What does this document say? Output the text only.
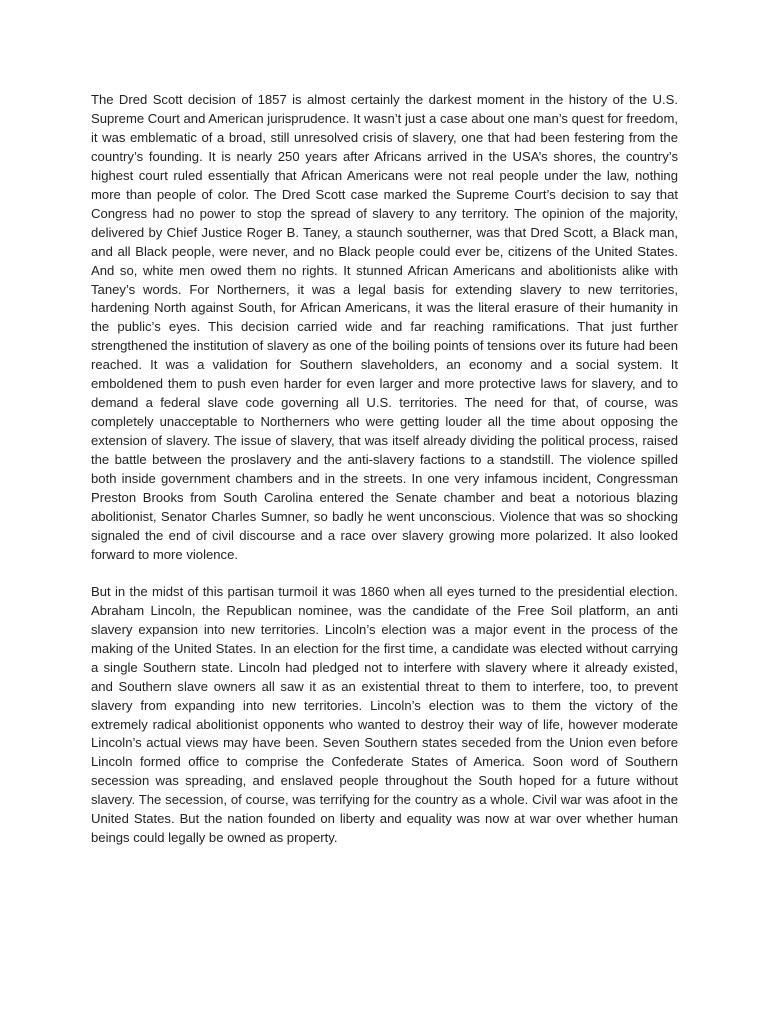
The Dred Scott decision of 1857 is almost certainly the darkest moment in the history of the U.S. Supreme Court and American jurisprudence. It wasn’t just a case about one man’s quest for freedom, it was emblematic of a broad, still unresolved crisis of slavery, one that had been festering from the country’s founding. It is nearly 250 years after Africans arrived in the USA’s shores, the country’s highest court ruled essentially that African Americans were not real people under the law, nothing more than people of color. The Dred Scott case marked the Supreme Court’s decision to say that Congress had no power to stop the spread of slavery to any territory. The opinion of the majority, delivered by Chief Justice Roger B. Taney, a staunch southerner, was that Dred Scott, a Black man, and all Black people, were never, and no Black people could ever be, citizens of the United States. And so, white men owed them no rights. It stunned African Americans and abolitionists alike with Taney’s words. For Northerners, it was a legal basis for extending slavery to new territories, hardening North against South, for African Americans, it was the literal erasure of their humanity in the public’s eyes. This decision carried wide and far reaching ramifications. That just further strengthened the institution of slavery as one of the boiling points of tensions over its future had been reached. It was a validation for Southern slaveholders, an economy and a social system. It emboldened them to push even harder for even larger and more protective laws for slavery, and to demand a federal slave code governing all U.S. territories. The need for that, of course, was completely unacceptable to Northerners who were getting louder all the time about opposing the extension of slavery. The issue of slavery, that was itself already dividing the political process, raised the battle between the proslavery and the anti-slavery factions to a standstill. The violence spilled both inside government chambers and in the streets. In one very infamous incident, Congressman Preston Brooks from South Carolina entered the Senate chamber and beat a notorious blazing abolitionist, Senator Charles Sumner, so badly he went unconscious. Violence that was so shocking signaled the end of civil discourse and a race over slavery growing more polarized. It also looked forward to more violence.

But in the midst of this partisan turmoil it was 1860 when all eyes turned to the presidential election. Abraham Lincoln, the Republican nominee, was the candidate of the Free Soil platform, an anti slavery expansion into new territories. Lincoln’s election was a major event in the process of the making of the United States. In an election for the first time, a candidate was elected without carrying a single Southern state. Lincoln had pledged not to interfere with slavery where it already existed, and Southern slave owners all saw it as an existential threat to them to interfere, too, to prevent slavery from expanding into new territories. Lincoln’s election was to them the victory of the extremely radical abolitionist opponents who wanted to destroy their way of life, however moderate Lincoln’s actual views may have been. Seven Southern states seceded from the Union even before Lincoln formed office to comprise the Confederate States of America. Soon word of Southern secession was spreading, and enslaved people throughout the South hoped for a future without slavery. The secession, of course, was terrifying for the country as a whole. Civil war was afoot in the United States. But the nation founded on liberty and equality was now at war over whether human beings could legally be owned as property.
